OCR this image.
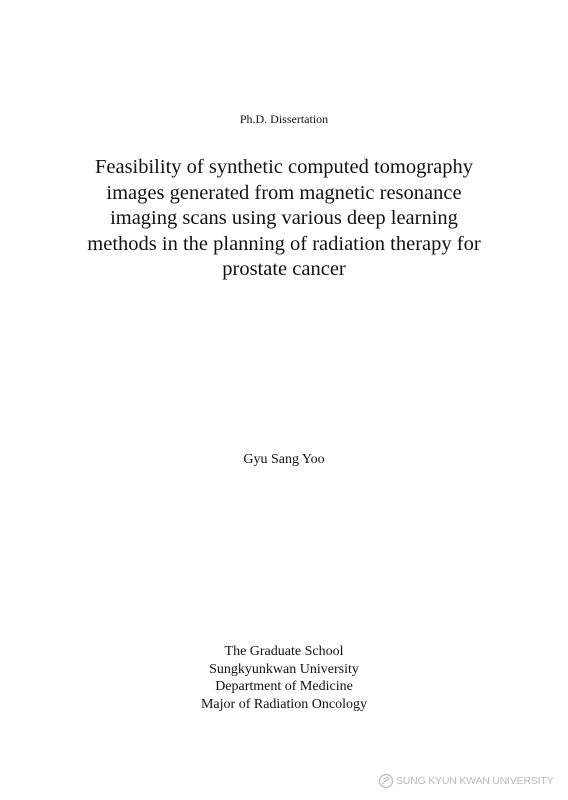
Ph.D. Dissertation
Feasibility of synthetic computed tomography
images generated from magnetic resonance
imaging scans using various deep learning
methods in the planning of radiation therapy for
prostate cancer
Gyu Sang Yoo
The Graduate School
Sungkyunkwan University
Department of Medicine
Major of Radiation Oncology
SUNG KYUN KWAN UNIVERSITY
